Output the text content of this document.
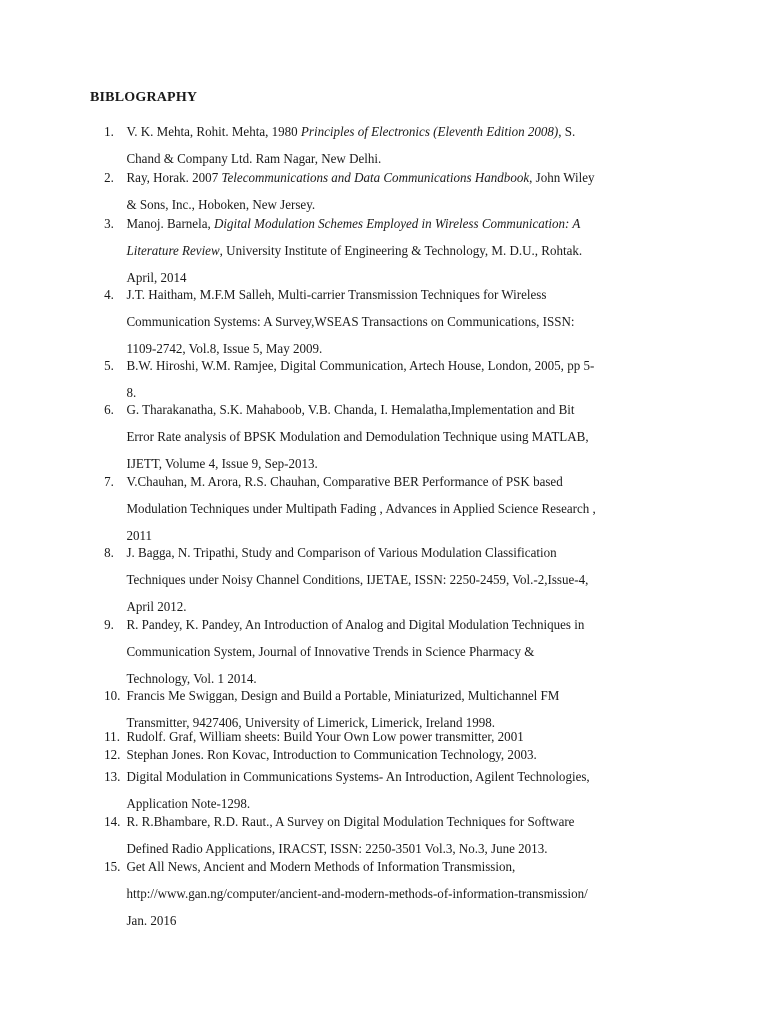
BIBLOGRAPHY
1. V. K. Mehta, Rohit. Mehta, 1980 Principles of Electronics (Eleventh Edition 2008), S.
Chand & Company Ltd. Ram Nagar, New Delhi.
2. Ray, Horak. 2007 Telecommunications and Data Communications Handbook, John Wiley
& Sons, Inc., Hoboken, New Jersey.
3. Manoj. Barnela, Digital Modulation Schemes Employed in Wireless Communication: A
Literature Review, University Institute of Engineering & Technology, M. D.U., Rohtak.
April, 2014
4. J.T. Haitham, M.F.M Salleh, Multi-carrier Transmission Techniques for Wireless
Communication Systems: A Survey,WSEAS Transactions on Communications, ISSN:
1109-2742, Vol.8, Issue 5, May 2009.
5. B.W. Hiroshi, W.M. Ramjee, Digital Communication, Artech House, London, 2005, pp 5-
8.
6. G. Tharakanatha, S.K. Mahaboob, V.B. Chanda, I. Hemalatha,Implementation and Bit
Error Rate analysis of BPSK Modulation and Demodulation Technique using MATLAB,
IJETT, Volume 4, Issue 9, Sep-2013.
7. V.Chauhan, M. Arora, R.S. Chauhan, Comparative BER Performance of PSK based
Modulation Techniques under Multipath Fading , Advances in Applied Science Research ,
2011
8. J. Bagga, N. Tripathi, Study and Comparison of Various Modulation Classification
Techniques under Noisy Channel Conditions, IJETAE, ISSN: 2250-2459, Vol.-2,Issue-4,
April 2012.
9. R. Pandey, K. Pandey, An Introduction of Analog and Digital Modulation Techniques in
Communication System, Journal of Innovative Trends in Science Pharmacy &
Technology, Vol. 1 2014.
10. Francis Me Swiggan, Design and Build a Portable, Miniaturized, Multichannel FM
Transmitter, 9427406, University of Limerick, Limerick, Ireland 1998.
11. Rudolf. Graf, William sheets: Build Your Own Low power transmitter, 2001
12. Stephan Jones. Ron Kovac, Introduction to Communication Technology, 2003.
13. Digital Modulation in Communications Systems- An Introduction, Agilent Technologies,
Application Note-1298.
14. R. R.Bhambare, R.D. Raut., A Survey on Digital Modulation Techniques for Software
Defined Radio Applications, IRACST, ISSN: 2250-3501 Vol.3, No.3, June 2013.
15. Get All News, Ancient and Modern Methods of Information Transmission,
http://www.gan.ng/computer/ancient-and-modern-methods-of-information-transmission/
Jan. 2016
